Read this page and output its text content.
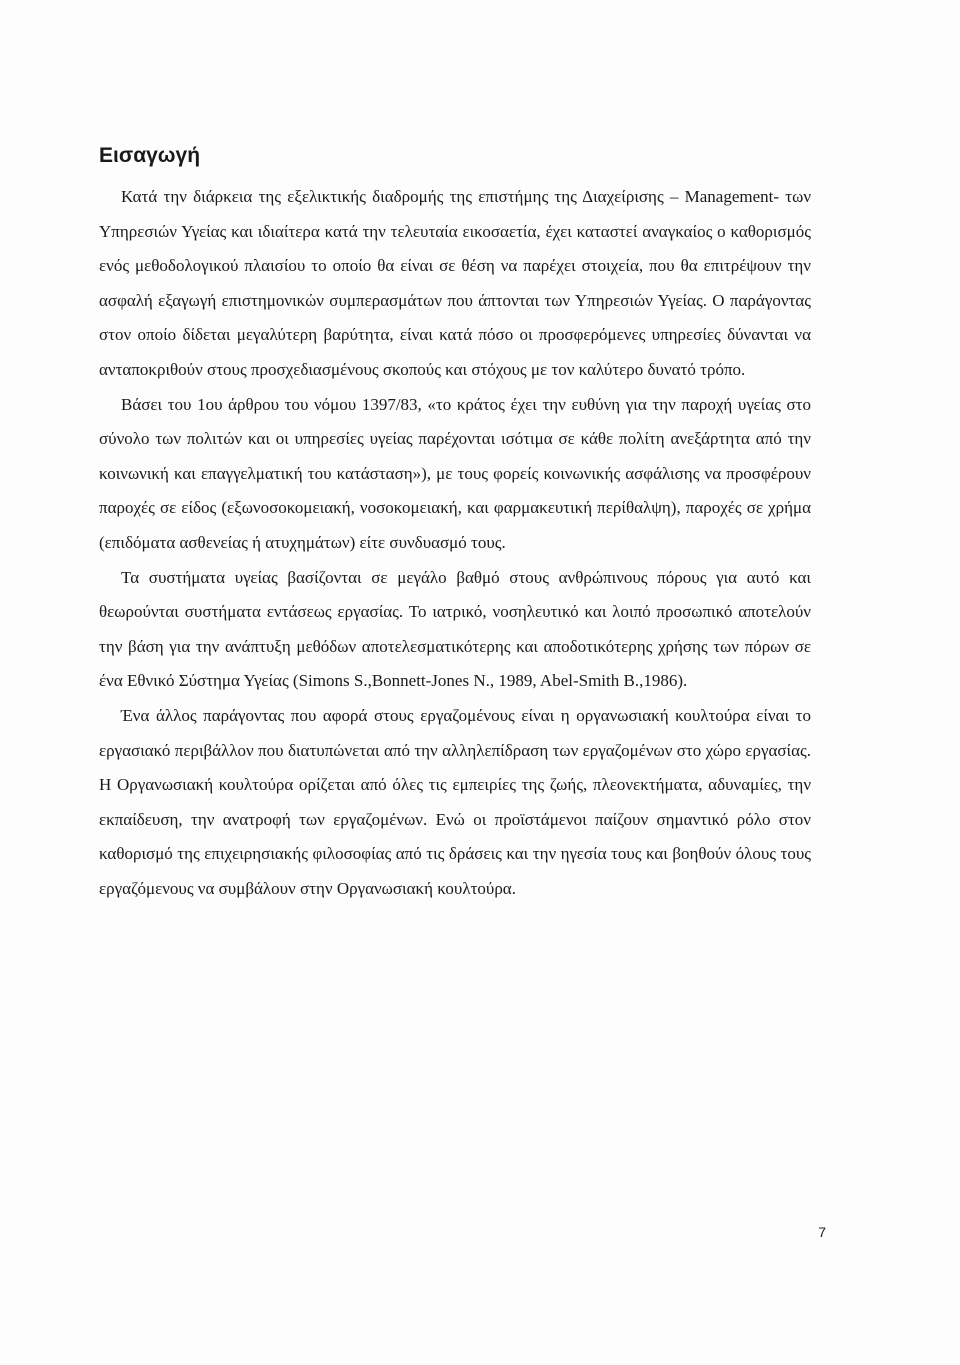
Εισαγωγή

Κατά την διάρκεια της εξελικτικής διαδρομής της επιστήμης της Διαχείρισης – Management- των Υπηρεσιών Υγείας και ιδιαίτερα κατά την τελευταία εικοσαετία, έχει καταστεί αναγκαίος ο καθορισμός ενός μεθοδολογικού πλαισίου το οποίο θα είναι σε θέση να παρέχει στοιχεία, που θα επιτρέψουν την ασφαλή εξαγωγή επιστημονικών συμπερασμάτων που άπτονται των Υπηρεσιών Υγείας. Ο παράγοντας στον οποίο δίδεται μεγαλύτερη βαρύτητα, είναι κατά πόσο οι προσφερόμενες υπηρεσίες δύνανται να ανταποκριθούν στους προσχεδιασμένους σκοπούς και στόχους με τον καλύτερο δυνατό τρόπο.

Βάσει του 1ου άρθρου του νόμου 1397/83, «το κράτος έχει την ευθύνη για την παροχή υγείας στο σύνολο των πολιτών και οι υπηρεσίες υγείας παρέχονται ισότιμα σε κάθε πολίτη ανεξάρτητα από την κοινωνική και επαγγελματική του κατάσταση»), με τους φορείς κοινωνικής ασφάλισης να προσφέρουν παροχές σε είδος (εξωνοσοκομειακή, νοσοκομειακή, και φαρμακευτική περίθαλψη), παροχές σε χρήμα (επιδόματα ασθενείας ή ατυχημάτων) είτε συνδυασμό τους.

Τα συστήματα υγείας βασίζονται σε μεγάλο βαθμό στους ανθρώπινους πόρους για αυτό και θεωρούνται συστήματα εντάσεως εργασίας. Το ιατρικό, νοσηλευτικό και λοιπό προσωπικό αποτελούν την βάση για την ανάπτυξη μεθόδων αποτελεσματικότερης και αποδοτικότερης χρήσης των πόρων σε ένα Εθνικό Σύστημα Υγείας (Simons S.,Bonnett-Jones N., 1989, Abel-Smith B.,1986).

Ένα άλλος παράγοντας που αφορά στους εργαζομένους είναι η οργανωσιακή κουλτούρα είναι το εργασιακό περιβάλλον που διατυπώνεται από την αλληλεπίδραση των εργαζομένων στο χώρο εργασίας. Η Οργανωσιακή κουλτούρα ορίζεται από όλες τις εμπειρίες της ζωής, πλεονεκτήματα, αδυναμίες, την εκπαίδευση, την ανατροφή των εργαζομένων. Ενώ οι προϊστάμενοι παίζουν σημαντικό ρόλο στον καθορισμό της επιχειρησιακής φιλοσοφίας από τις δράσεις και την ηγεσία τους και βοηθούν όλους τους εργαζόμενους να συμβάλουν στην Οργανωσιακή κουλτούρα.

7
